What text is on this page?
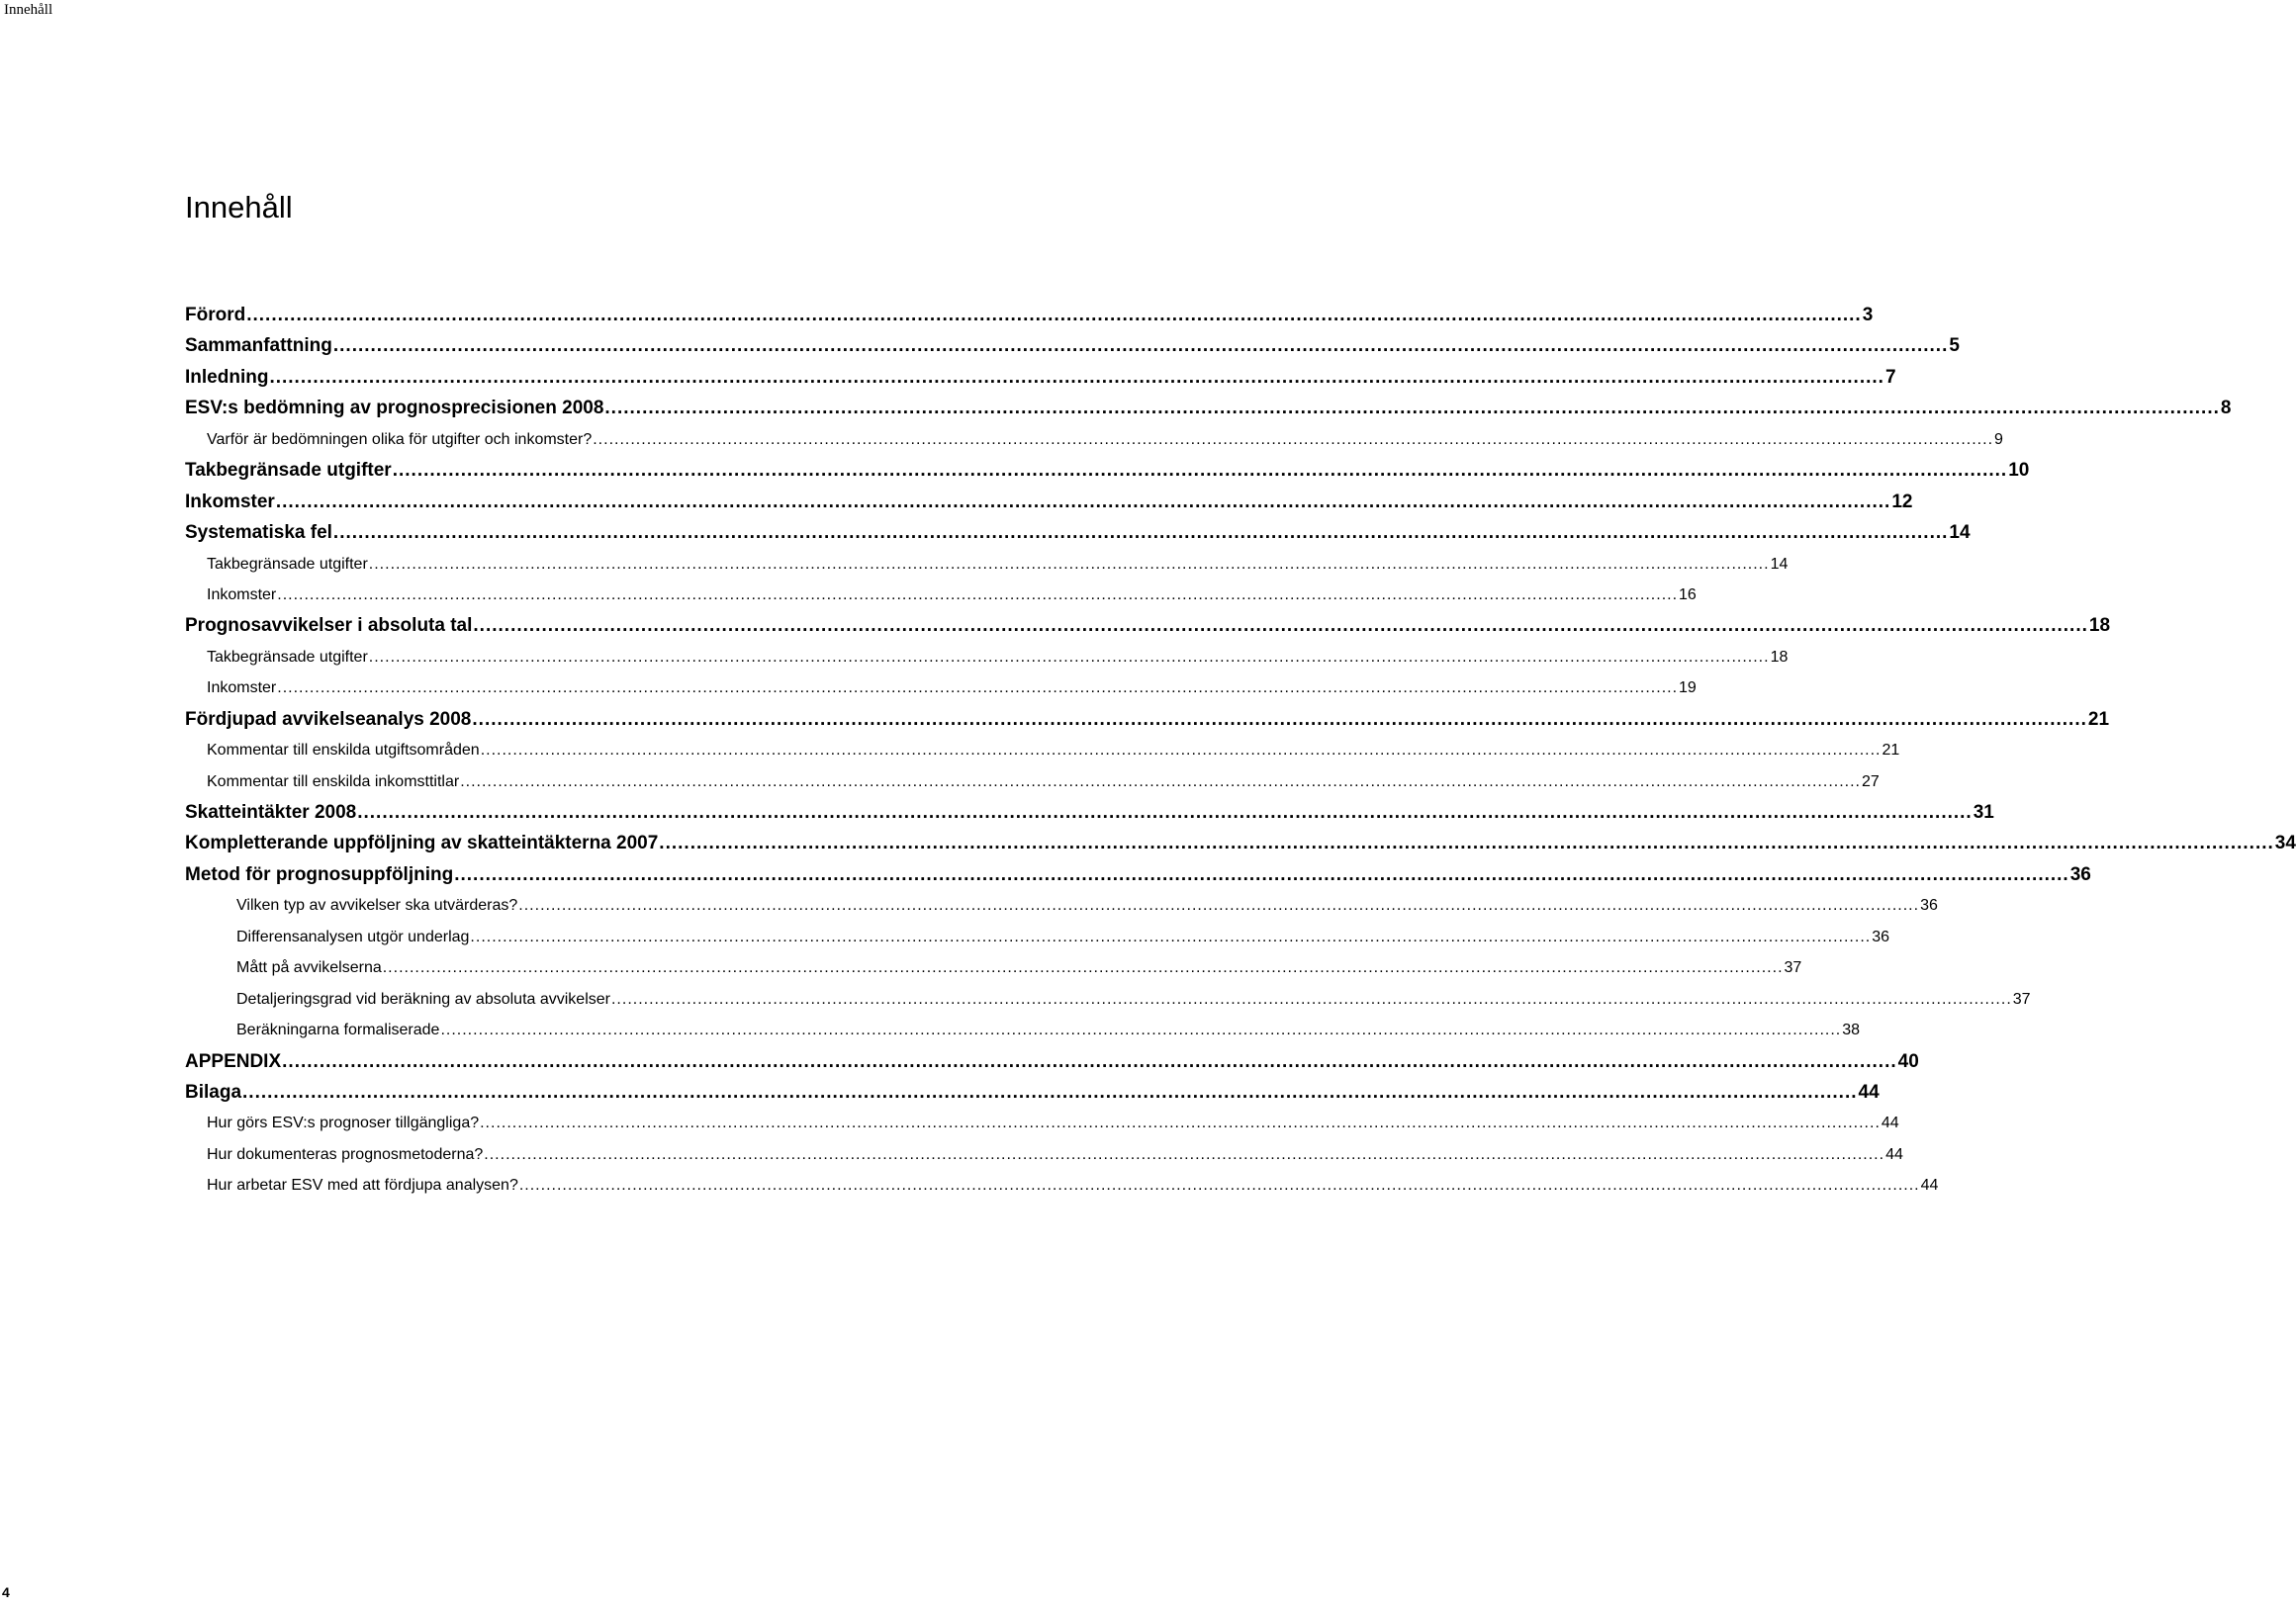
Innehåll
Innehåll
Förord .................................................................................................................................................................................................................................................................... 3
Sammanfattning .................................................................................................................................................................................................................................................................... 5
Inledning .................................................................................................................................................................................................................................................................... 7
ESV:s bedömning av prognosprecisionen 2008 .................................................................................................................................................................................................................................................................... 8
Varför är bedömningen olika för utgifter och inkomster? .................................................................................................................................................................................................................................................................... 9
Takbegränsade utgifter .................................................................................................................................................................................................................................................................... 10
Inkomster .................................................................................................................................................................................................................................................................... 12
Systematiska fel .................................................................................................................................................................................................................................................................... 14
Takbegränsade utgifter .................................................................................................................................................................................................................................................................... 14
Inkomster .................................................................................................................................................................................................................................................................... 16
Prognosavvikelser i absoluta tal .................................................................................................................................................................................................................................................................... 18
Takbegränsade utgifter .................................................................................................................................................................................................................................................................... 18
Inkomster .................................................................................................................................................................................................................................................................... 19
Fördjupad avvikelseanalys 2008 .................................................................................................................................................................................................................................................................... 21
Kommentar till enskilda utgiftsområden .................................................................................................................................................................................................................................................................... 21
Kommentar till enskilda inkomsttitlar .................................................................................................................................................................................................................................................................... 27
Skatteintäkter 2008 .................................................................................................................................................................................................................................................................... 31
Kompletterande uppföljning av skatteintäkterna 2007 .................................................................................................................................................................................................................................................................... 34
Metod för prognosuppföljning .................................................................................................................................................................................................................................................................... 36
Vilken typ av avvikelser ska utvärderas? .................................................................................................................................................................................................................................................................... 36
Differensanalysen utgör underlag .................................................................................................................................................................................................................................................................... 36
Mått på avvikelserna .................................................................................................................................................................................................................................................................... 37
Detaljeringsgrad vid beräkning av absoluta avvikelser .................................................................................................................................................................................................................................................................... 37
Beräkningarna formaliserade .................................................................................................................................................................................................................................................................... 38
APPENDIX .................................................................................................................................................................................................................................................................... 40
Bilaga .................................................................................................................................................................................................................................................................... 44
Hur görs ESV:s prognoser tillgängliga? .................................................................................................................................................................................................................................................................... 44
Hur dokumenteras prognosmetoderna? .................................................................................................................................................................................................................................................................... 44
Hur arbetar ESV med att fördjupa analysen? .................................................................................................................................................................................................................................................................... 44
4
